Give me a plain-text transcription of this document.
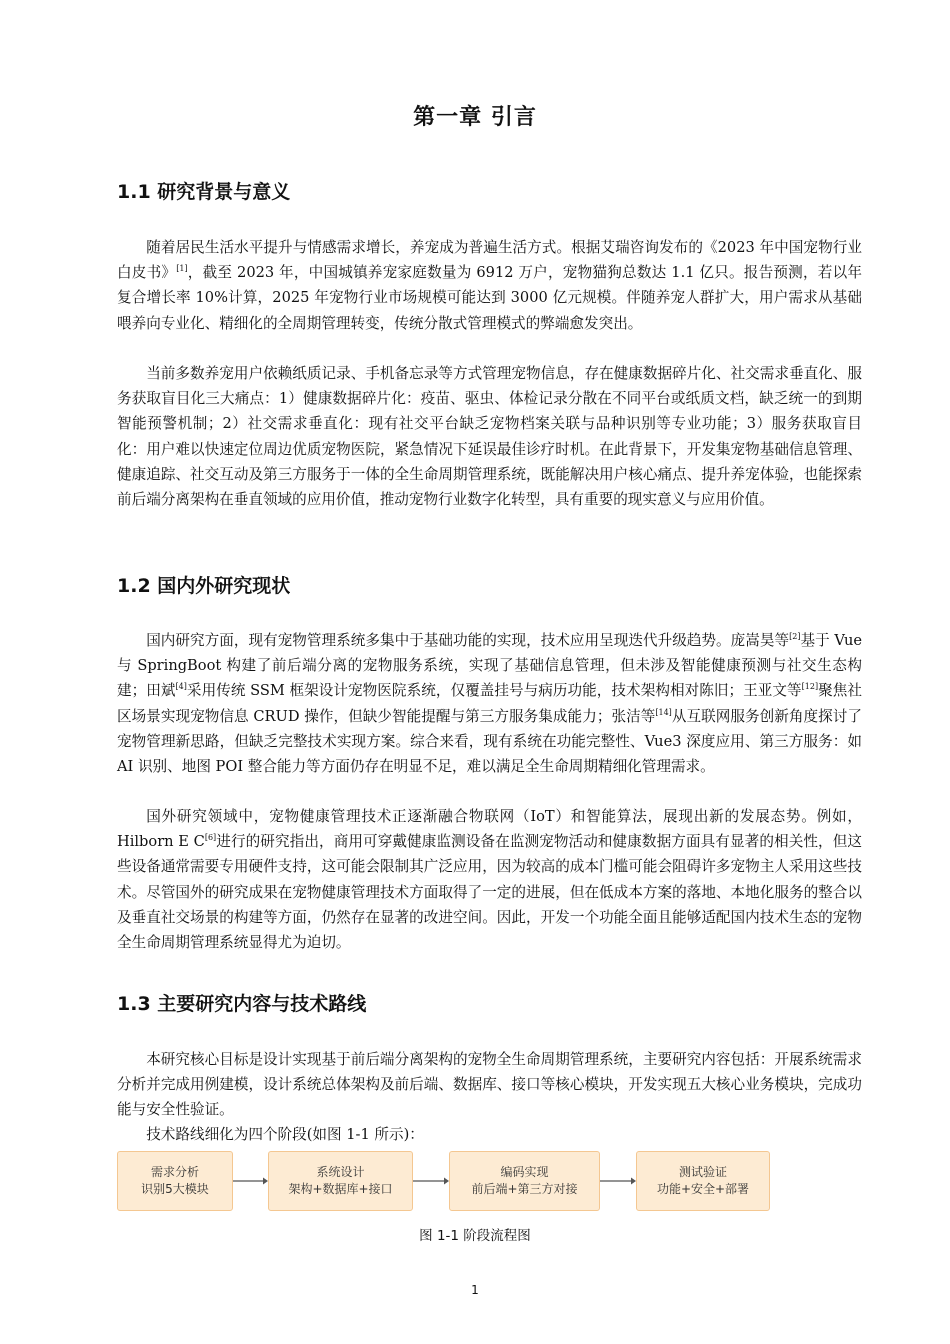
第一章 引言
1.1 研究背景与意义

随着居民生活水平提升与情感需求增长，养宠成为普遍生活方式。根据艾瑞咨询发布的《2023 年中国宠物行业白皮书》[1]，截至 2023 年，中国城镇养宠家庭数量为 6912 万户，宠物猫狗总数达 1.1 亿只。报告预测，若以年复合增长率 10%计算，2025 年宠物行业市场规模可能达到 3000 亿元规模。伴随养宠人群扩大，用户需求从基础喂养向专业化、精细化的全周期管理转变，传统分散式管理模式的弊端愈发突出。

当前多数养宠用户依赖纸质记录、手机备忘录等方式管理宠物信息，存在健康数据碎片化、社交需求垂直化、服务获取盲目化三大痛点：1）健康数据碎片化：疫苗、驱虫、体检记录分散在不同平台或纸质文档，缺乏统一的到期智能预警机制；2）社交需求垂直化：现有社交平台缺乏宠物档案关联与品种识别等专业功能；3）服务获取盲目化：用户难以快速定位周边优质宠物医院，紧急情况下延误最佳诊疗时机。在此背景下，开发集宠物基础信息管理、健康追踪、社交互动及第三方服务于一体的全生命周期管理系统，既能解决用户核心痛点、提升养宠体验，也能探索前后端分离架构在垂直领域的应用价值，推动宠物行业数字化转型，具有重要的现实意义与应用价值。

1.2 国内外研究现状

国内研究方面，现有宠物管理系统多集中于基础功能的实现，技术应用呈现迭代升级趋势。庞嵩昊等[2]基于 Vue 与 SpringBoot 构建了前后端分离的宠物服务系统，实现了基础信息管理，但未涉及智能健康预测与社交生态构建；田斌[4]采用传统 SSM 框架设计宠物医院系统，仅覆盖挂号与病历功能，技术架构相对陈旧；王亚文等[12]聚焦社区场景实现宠物信息 CRUD 操作，但缺少智能提醒与第三方服务集成能力；张洁等[14]从互联网服务创新角度探讨了宠物管理新思路，但缺乏完整技术实现方案。综合来看，现有系统在功能完整性、Vue3 深度应用、第三方服务：如 AI 识别、地图 POI 整合能力等方面仍存在明显不足，难以满足全生命周期精细化管理需求。

国外研究领域中，宠物健康管理技术正逐渐融合物联网（IoT）和智能算法，展现出新的发展态势。例如，Hilborn E C[6]进行的研究指出，商用可穿戴健康监测设备在监测宠物活动和健康数据方面具有显著的相关性，但这些设备通常需要专用硬件支持，这可能会限制其广泛应用，因为较高的成本门槛可能会阻碍许多宠物主人采用这些技术。尽管国外的研究成果在宠物健康管理技术方面取得了一定的进展，但在低成本方案的落地、本地化服务的整合以及垂直社交场景的构建等方面，仍然存在显著的改进空间。因此，开发一个功能全面且能够适配国内技术生态的宠物全生命周期管理系统显得尤为迫切。

1.3 主要研究内容与技术路线

本研究核心目标是设计实现基于前后端分离架构的宠物全生命周期管理系统，主要研究内容包括：开展系统需求分析并完成用例建模，设计系统总体架构及前后端、数据库、接口等核心模块，开发实现五大核心业务模块，完成功能与安全性验证。

技术路线细化为四个阶段(如图 1-1 所示)：

需求分析
识别5大模块
系统设计
架构+数据库+接口
编码实现
前后端+第三方对接
测试验证
功能+安全+部署
图 1-1 阶段流程图
1
